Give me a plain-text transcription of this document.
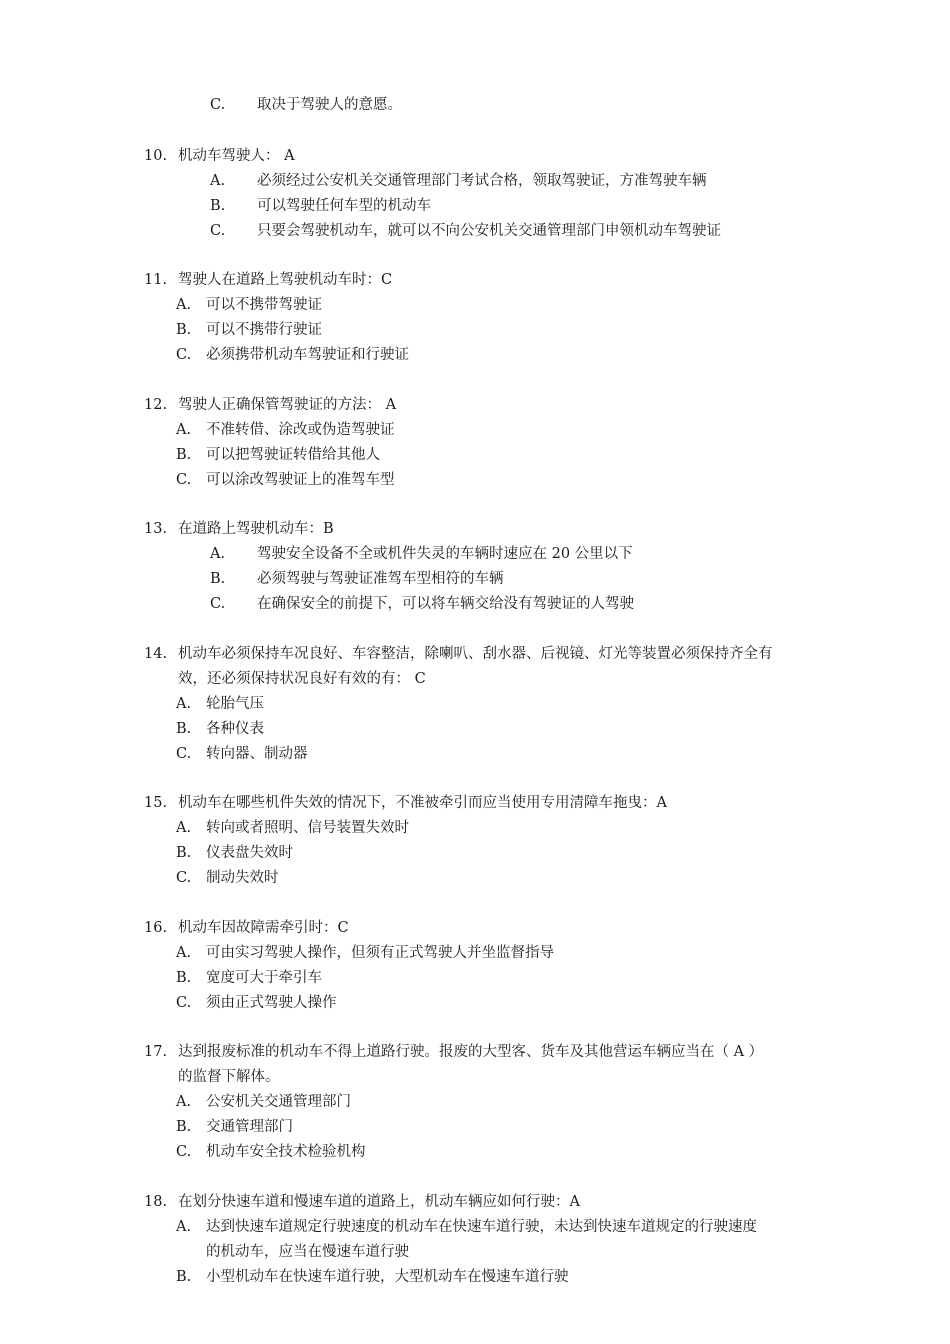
C. 取决于驾驶人的意愿。
10. 机动车驾驶人： A
A. 必须经过公安机关交通管理部门考试合格，领取驾驶证，方准驾驶车辆
B. 可以驾驶任何车型的机动车
C. 只要会驾驶机动车，就可以不向公安机关交通管理部门申领机动车驾驶证
11. 驾驶人在道路上驾驶机动车时：C
A. 可以不携带驾驶证
B. 可以不携带行驶证
C. 必须携带机动车驾驶证和行驶证
12. 驾驶人正确保管驾驶证的方法： A
A. 不准转借、涂改或伪造驾驶证
B. 可以把驾驶证转借给其他人
C. 可以涂改驾驶证上的准驾车型
13. 在道路上驾驶机动车：B
A. 驾驶安全设备不全或机件失灵的车辆时速应在 20 公里以下
B. 必须驾驶与驾驶证准驾车型相符的车辆
C. 在确保安全的前提下，可以将车辆交给没有驾驶证的人驾驶
14. 机动车必须保持车况良好、车容整洁，除喇叭、刮水器、后视镜、灯光等装置必须保持齐全有
效，还必须保持状况良好有效的有： C
A. 轮胎气压
B. 各种仪表
C. 转向器、制动器
15. 机动车在哪些机件失效的情况下，不准被牵引而应当使用专用清障车拖曳：A
A. 转向或者照明、信号装置失效时
B. 仪表盘失效时
C. 制动失效时
16. 机动车因故障需牵引时：C
A. 可由实习驾驶人操作，但须有正式驾驶人并坐监督指导
B. 宽度可大于牵引车
C. 须由正式驾驶人操作
17. 达到报废标准的机动车不得上道路行驶。报废的大型客、货车及其他营运车辆应当在（ A ）
的监督下解体。
A. 公安机关交通管理部门
B. 交通管理部门
C. 机动车安全技术检验机构
18. 在划分快速车道和慢速车道的道路上，机动车辆应如何行驶：A
A. 达到快速车道规定行驶速度的机动车在快速车道行驶，未达到快速车道规定的行驶速度
的机动车，应当在慢速车道行驶
B. 小型机动车在快速车道行驶，大型机动车在慢速车道行驶
